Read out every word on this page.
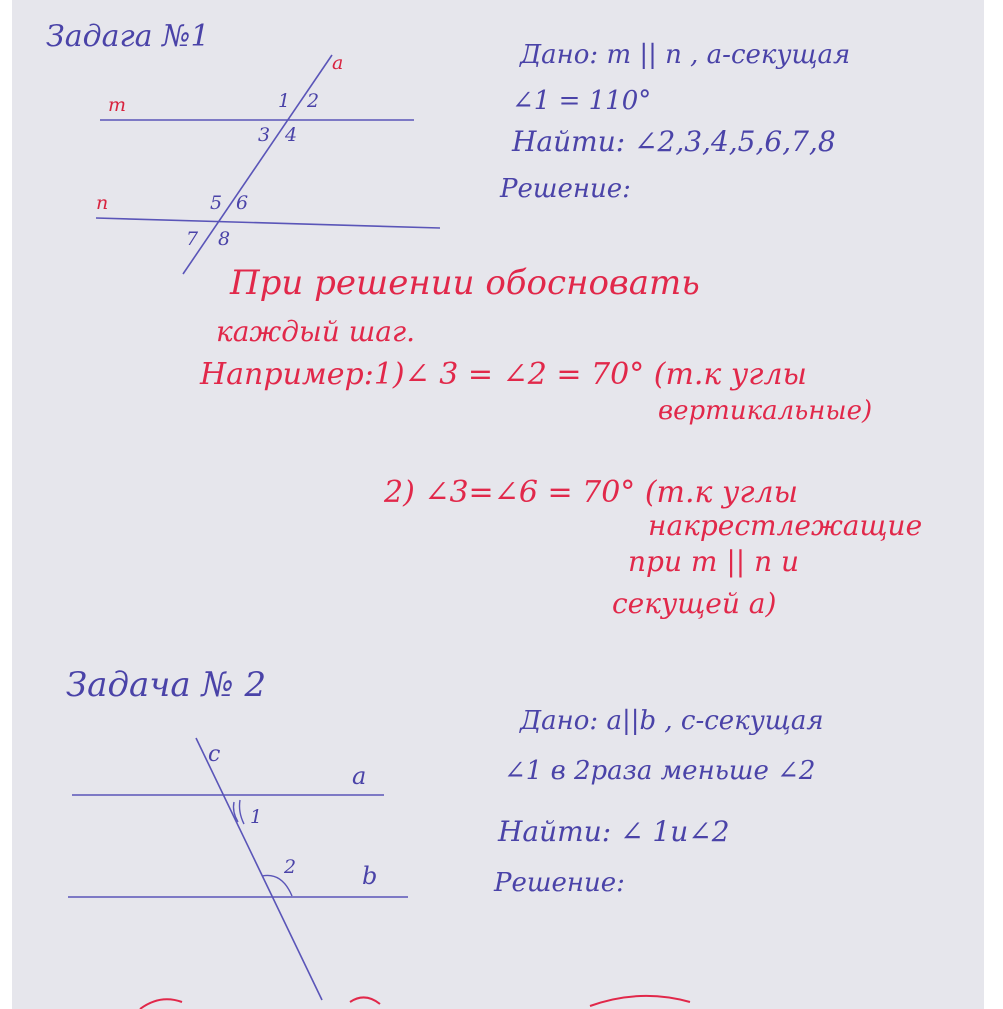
Задага №1
a
m
n
1 2
3 4
5 6
7 8
Дано: m || n , a-секущая
∠1 = 110°
Найти: ∠2,3,4,5,6,7,8
Решение:
При решении обосновать
каждый шаг.
Например:1)∠ 3 = ∠2 = 70° (т.к углы
вертикальные)
2) ∠3=∠6 = 70° (т.к углы
накрестлежащие
при m || n и
секущей a)
Задача № 2
c
a
b
1
2
Дано: a||b , c-секущая
∠1 в 2раза меньше ∠2
Найти: ∠ 1и∠2
Решение:
